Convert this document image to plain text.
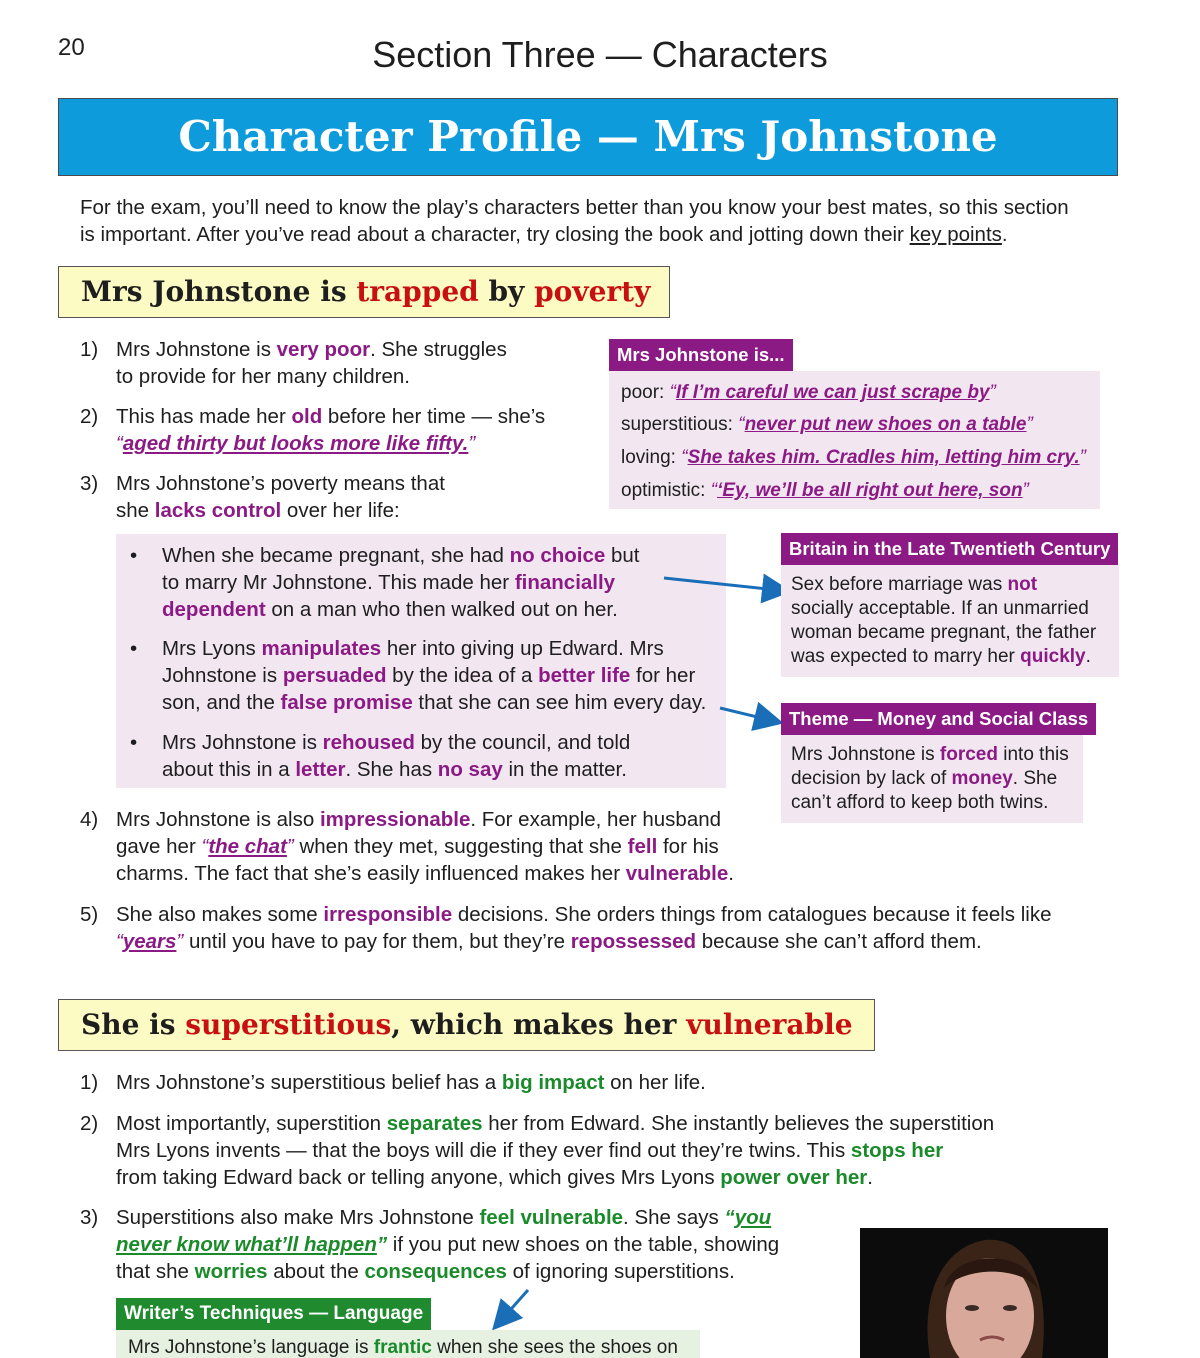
20	Section Three — Characters
Character Profile — Mrs Johnstone
For the exam, you’ll need to know the play’s characters better than you know your best mates, so this section
is important. After you’ve read about a character, try closing the book and jotting down their key points.
Mrs Johnstone is trapped by poverty
1) Mrs Johnstone is very poor. She struggles
to provide for her many children.
2) This has made her old before her time — she’s
“aged thirty but looks more like fifty.”
3) Mrs Johnstone’s poverty means that
she lacks control over her life:
Mrs Johnstone is...
poor: “If I’m careful we can just scrape by”
superstitious: “never put new shoes on a table”
loving: “She takes him. Cradles him, letting him cry.”
optimistic: “‘Ey, we’ll be all right out here, son”
• When she became pregnant, she had no choice but
to marry Mr Johnstone. This made her financially
dependent on a man who then walked out on her.
• Mrs Lyons manipulates her into giving up Edward. Mrs
Johnstone is persuaded by the idea of a better life for her
son, and the false promise that she can see him every day.
• Mrs Johnstone is rehoused by the council, and told
about this in a letter. She has no say in the matter.
Britain in the Late Twentieth Century
Sex before marriage was not
socially acceptable. If an unmarried
woman became pregnant, the father
was expected to marry her quickly.
Theme — Money and Social Class
Mrs Johnstone is forced into this
decision by lack of money. She
can’t afford to keep both twins.
4) Mrs Johnstone is also impressionable. For example, her husband
gave her “the chat” when they met, suggesting that she fell for his
charms. The fact that she’s easily influenced makes her vulnerable.
5) She also makes some irresponsible decisions. She orders things from catalogues because it feels like
“years” until you have to pay for them, but they’re repossessed because she can’t afford them.
She is superstitious, which makes her vulnerable
1) Mrs Johnstone’s superstitious belief has a big impact on her life.
2) Most importantly, superstition separates her from Edward. She instantly believes the superstition
Mrs Lyons invents — that the boys will die if they ever find out they’re twins. This stops her
from taking Edward back or telling anyone, which gives Mrs Lyons power over her.
3) Superstitions also make Mrs Johnstone feel vulnerable. She says “you
never know what’ll happen” if you put new shoes on the table, showing
that she worries about the consequences of ignoring superstitions.
Writer’s Techniques — Language
Mrs Johnstone’s language is frantic when she sees the shoes on
